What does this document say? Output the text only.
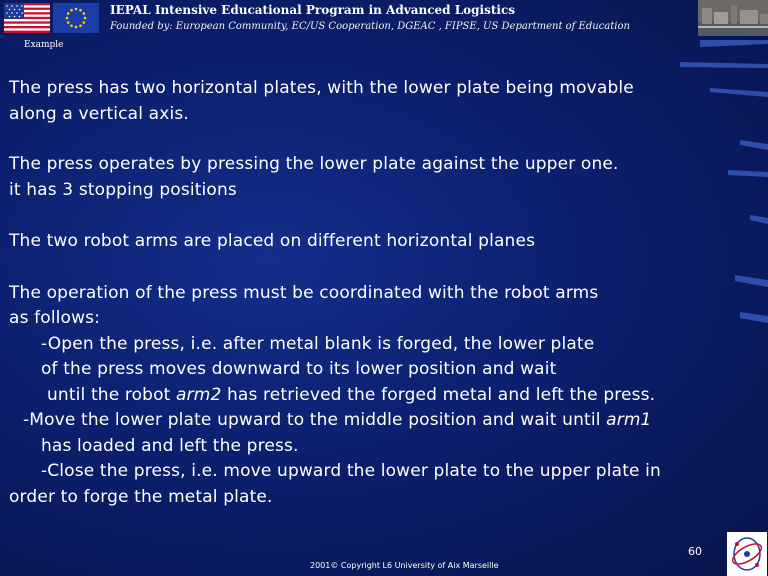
IEPAL Intensive Educational Program in Advanced Logistics
Founded by: European Community, EC/US Cooperation, DGEAC , FIPSE, US Department of Education
Example

The press has two horizontal plates, with the lower plate being movable
along a vertical axis.

The press operates by pressing the lower plate against the upper one.
it has 3 stopping positions

The two robot arms are placed on different horizontal planes

The operation of the press must be coordinated with the robot arms
as follows:
-Open the press, i.e. after metal blank is forged, the lower plate
of the press moves downward to its lower position and wait
until the robot arm2 has retrieved the forged metal and left the press.
-Move the lower plate upward to the middle position and wait until arm1
has loaded and left the press.
-Close the press, i.e. move upward the lower plate to the upper plate in
order to forge the metal plate.

60
2001© Copyright L6 University of Aix Marseille
